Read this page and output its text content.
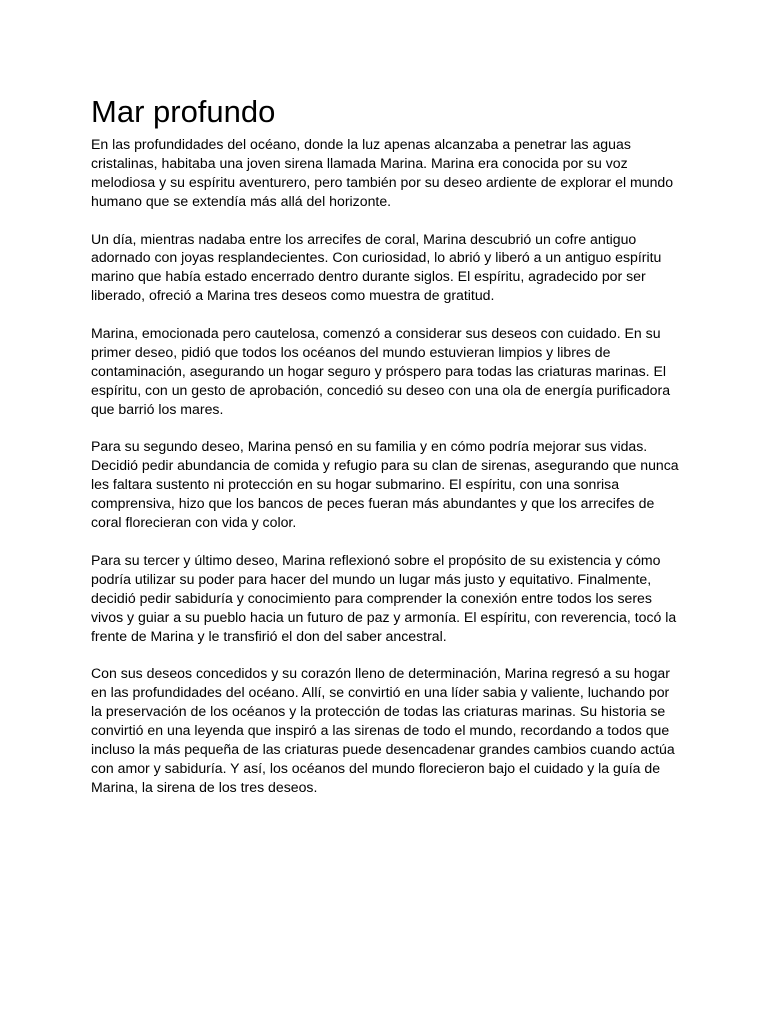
Mar profundo

En las profundidades del océano, donde la luz apenas alcanzaba a penetrar las aguas cristalinas, habitaba una joven sirena llamada Marina. Marina era conocida por su voz melodiosa y su espíritu aventurero, pero también por su deseo ardiente de explorar el mundo humano que se extendía más allá del horizonte.

Un día, mientras nadaba entre los arrecifes de coral, Marina descubrió un cofre antiguo adornado con joyas resplandecientes. Con curiosidad, lo abrió y liberó a un antiguo espíritu marino que había estado encerrado dentro durante siglos. El espíritu, agradecido por ser liberado, ofreció a Marina tres deseos como muestra de gratitud.

Marina, emocionada pero cautelosa, comenzó a considerar sus deseos con cuidado. En su primer deseo, pidió que todos los océanos del mundo estuvieran limpios y libres de contaminación, asegurando un hogar seguro y próspero para todas las criaturas marinas. El espíritu, con un gesto de aprobación, concedió su deseo con una ola de energía purificadora que barrió los mares.

Para su segundo deseo, Marina pensó en su familia y en cómo podría mejorar sus vidas. Decidió pedir abundancia de comida y refugio para su clan de sirenas, asegurando que nunca les faltara sustento ni protección en su hogar submarino. El espíritu, con una sonrisa comprensiva, hizo que los bancos de peces fueran más abundantes y que los arrecifes de coral florecieran con vida y color.

Para su tercer y último deseo, Marina reflexionó sobre el propósito de su existencia y cómo podría utilizar su poder para hacer del mundo un lugar más justo y equitativo. Finalmente, decidió pedir sabiduría y conocimiento para comprender la conexión entre todos los seres vivos y guiar a su pueblo hacia un futuro de paz y armonía. El espíritu, con reverencia, tocó la frente de Marina y le transfirió el don del saber ancestral.

Con sus deseos concedidos y su corazón lleno de determinación, Marina regresó a su hogar en las profundidades del océano. Allí, se convirtió en una líder sabia y valiente, luchando por la preservación de los océanos y la protección de todas las criaturas marinas. Su historia se convirtió en una leyenda que inspiró a las sirenas de todo el mundo, recordando a todos que incluso la más pequeña de las criaturas puede desencadenar grandes cambios cuando actúa con amor y sabiduría. Y así, los océanos del mundo florecieron bajo el cuidado y la guía de Marina, la sirena de los tres deseos.
